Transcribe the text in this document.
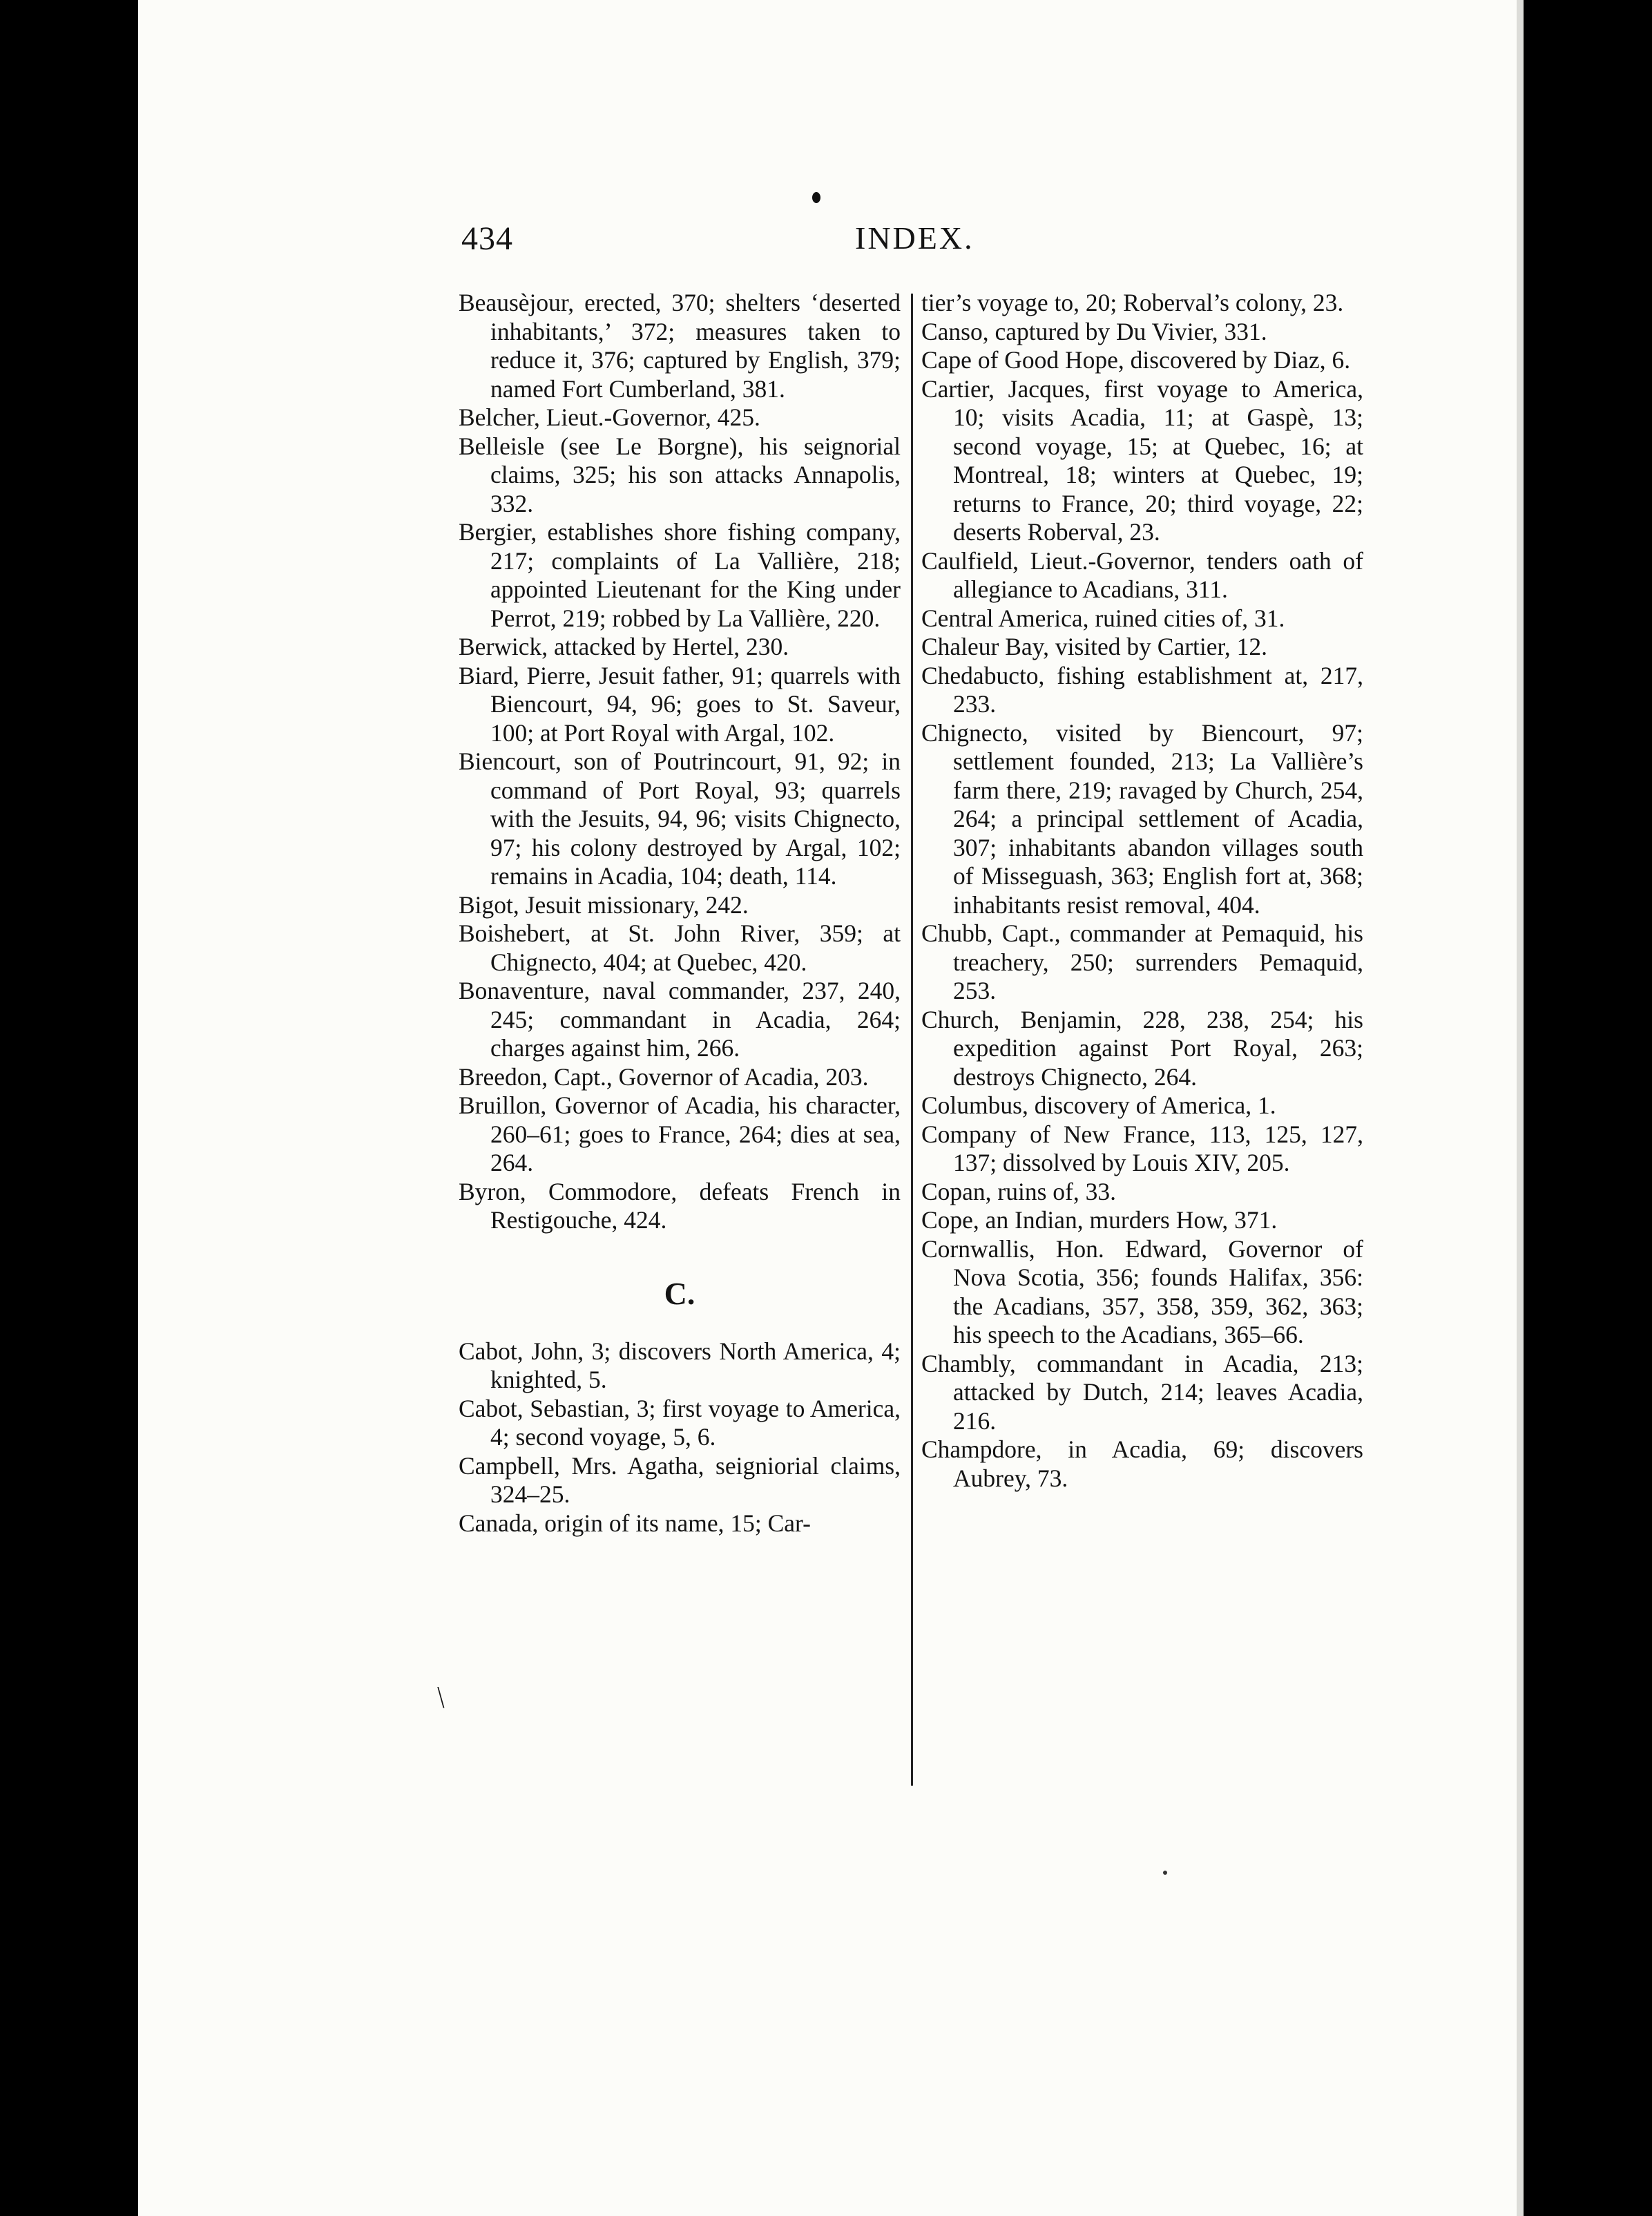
434	INDEX.

Beausèjour, erected, 370; shelters ‘deserted inhabitants,’ 372; measures taken to reduce it, 376; captured by English, 379; named Fort Cumberland, 381.

Belcher, Lieut.-Governor, 425.

Belleisle (see Le Borgne), his seignorial claims, 325; his son attacks Annapolis, 332.

Bergier, establishes shore fishing company, 217; complaints of La Vallière, 218; appointed Lieutenant for the King under Perrot, 219; robbed by La Vallière, 220.

Berwick, attacked by Hertel, 230.

Biard, Pierre, Jesuit father, 91; quarrels with Biencourt, 94, 96; goes to St. Saveur, 100; at Port Royal with Argal, 102.

Biencourt, son of Poutrincourt, 91, 92; in command of Port Royal, 93; quarrels with the Jesuits, 94, 96; visits Chignecto, 97; his colony destroyed by Argal, 102; remains in Acadia, 104; death, 114.

Bigot, Jesuit missionary, 242.

Boishebert, at St. John River, 359; at Chignecto, 404; at Quebec, 420.

Bonaventure, naval commander, 237, 240, 245; commandant in Acadia, 264; charges against him, 266.

Breedon, Capt., Governor of Acadia, 203.

Bruillon, Governor of Acadia, his character, 260–61; goes to France, 264; dies at sea, 264.

Byron, Commodore, defeats French in Restigouche, 424.

C.

Cabot, John, 3; discovers North America, 4; knighted, 5.

Cabot, Sebastian, 3; first voyage to America, 4; second voyage, 5, 6.

Campbell, Mrs. Agatha, seigniorial claims, 324–25.

Canada, origin of its name, 15; Car-

tier’s voyage to, 20; Roberval’s colony, 23.

Canso, captured by Du Vivier, 331.

Cape of Good Hope, discovered by Diaz, 6.

Cartier, Jacques, first voyage to America, 10; visits Acadia, 11; at Gaspè, 13; second voyage, 15; at Quebec, 16; at Montreal, 18; winters at Quebec, 19; returns to France, 20; third voyage, 22; deserts Roberval, 23.

Caulfield, Lieut.-Governor, tenders oath of allegiance to Acadians, 311.

Central America, ruined cities of, 31.

Chaleur Bay, visited by Cartier, 12.

Chedabucto, fishing establishment at, 217, 233.

Chignecto, visited by Biencourt, 97; settlement founded, 213; La Vallière’s farm there, 219; ravaged by Church, 254, 264; a principal settlement of Acadia, 307; inhabitants abandon villages south of Misseguash, 363; English fort at, 368; inhabitants resist removal, 404.

Chubb, Capt., commander at Pemaquid, his treachery, 250; surrenders Pemaquid, 253.

Church, Benjamin, 228, 238, 254; his expedition against Port Royal, 263; destroys Chignecto, 264.

Columbus, discovery of America, 1.

Company of New France, 113, 125, 127, 137; dissolved by Louis XIV, 205.

Copan, ruins of, 33.

Cope, an Indian, murders How, 371.

Cornwallis, Hon. Edward, Governor of Nova Scotia, 356; founds Halifax, 356: the Acadians, 357, 358, 359, 362, 363; his speech to the Acadians, 365–66.

Chambly, commandant in Acadia, 213; attacked by Dutch, 214; leaves Acadia, 216.

Champdore, in Acadia, 69; discovers Aubrey, 73.

\
